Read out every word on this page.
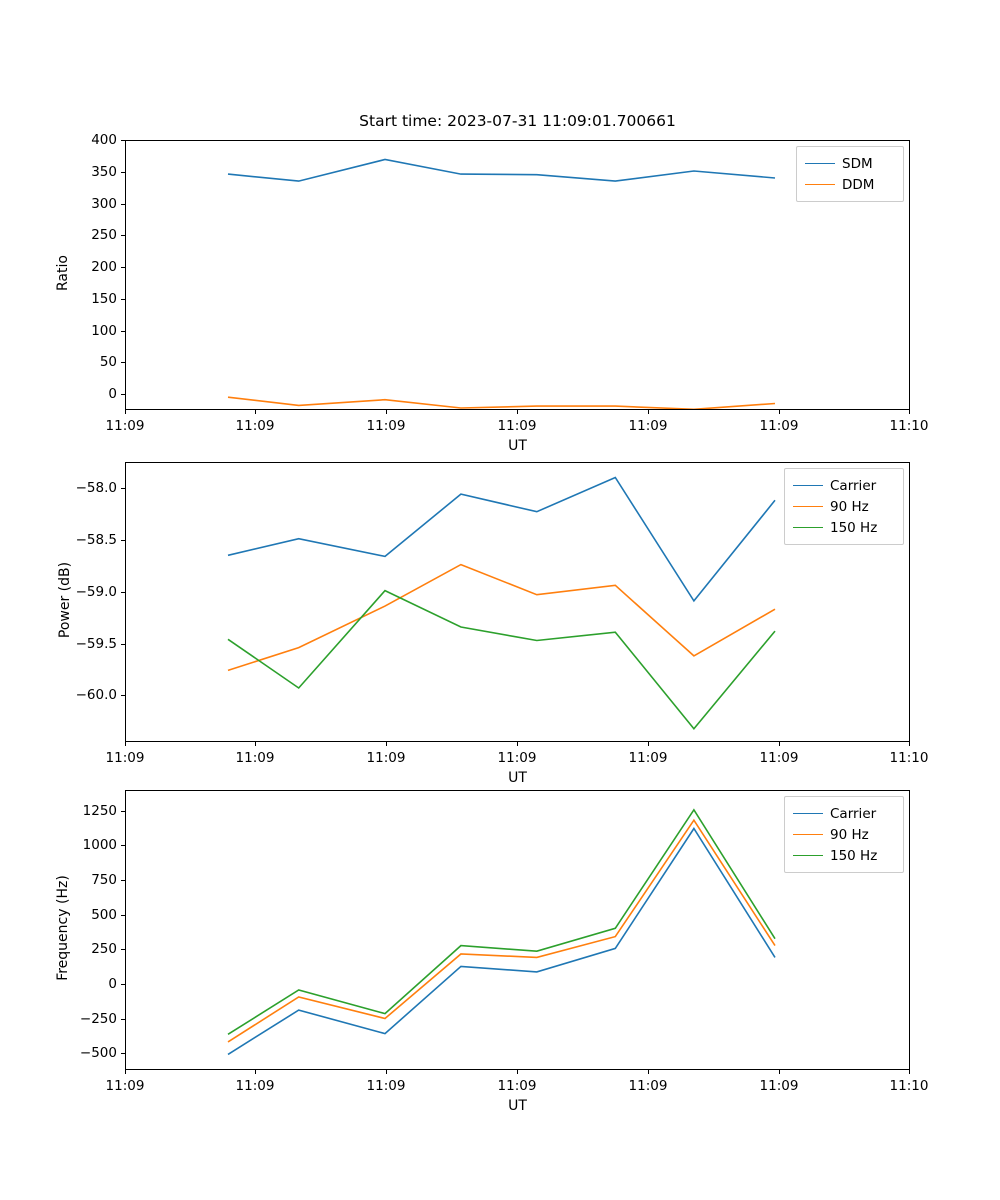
Start time: 2023-07-31 11:09:01.700661
11:09	11:09	11:09	11:09	11:09	11:09	11:10
UT
0
50
100
150
200
250
300
350
400
Ratio
SDM
DDM
11:09	11:09	11:09	11:09	11:09	11:09	11:10
UT
−60.0
−59.5
−59.0
−58.5
−58.0
Power (dB)
Carrier
90 Hz
150 Hz
11:09	11:09	11:09	11:09	11:09	11:09	11:10
UT
−500
−250
0
250
500
750
1000
1250
Frequency (Hz)
Carrier
90 Hz
150 Hz
